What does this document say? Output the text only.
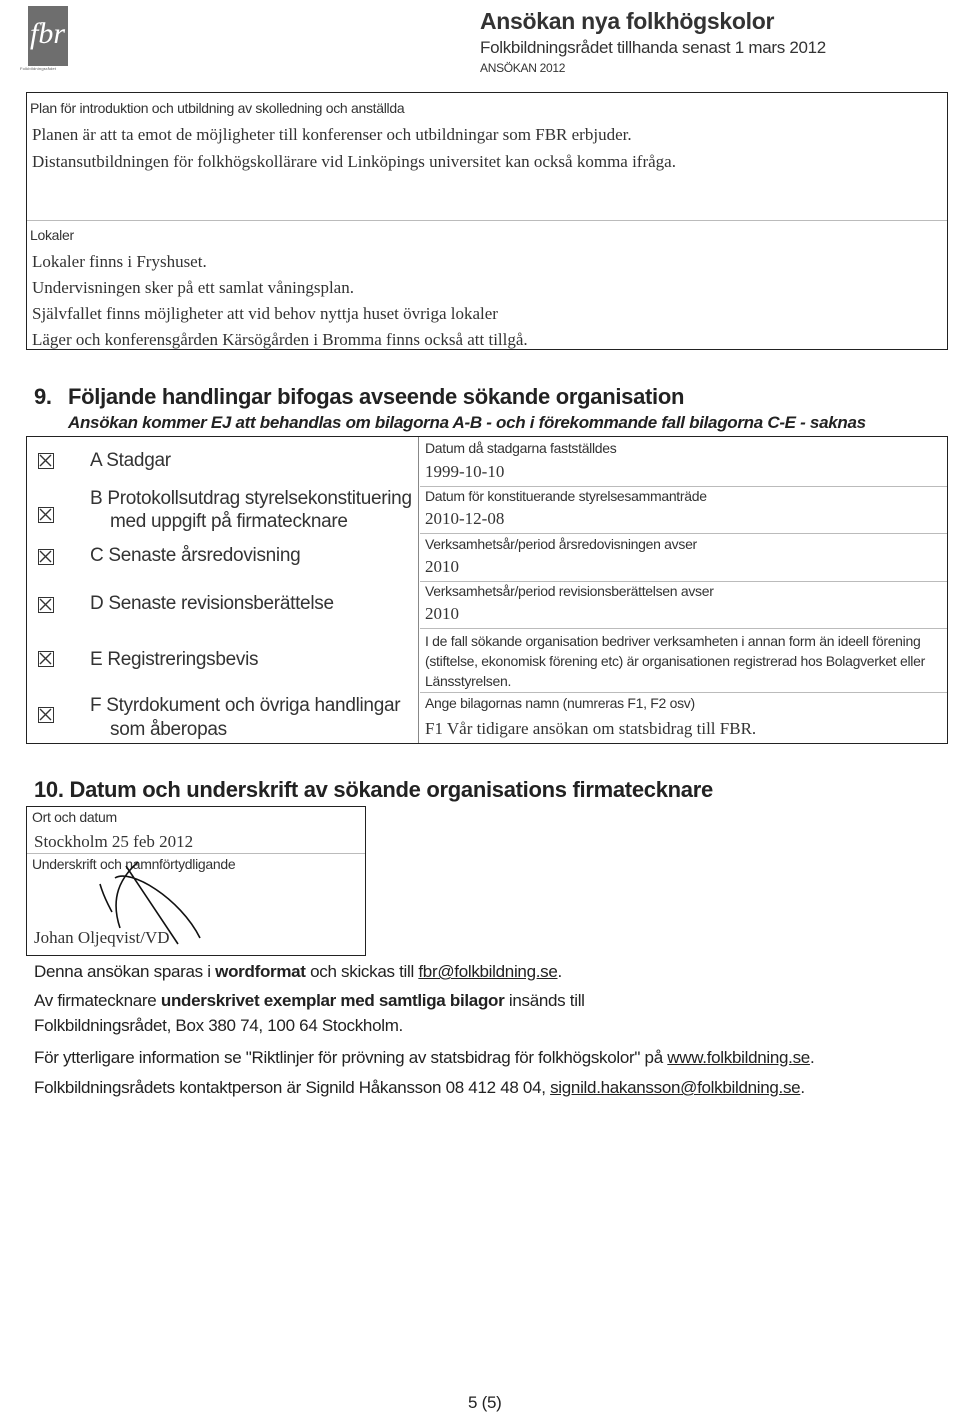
fbr
Folkbildningsrådet
Ansökan nya folkhögskolor
Folkbildningsrådet tillhanda senast 1 mars 2012
ANSÖKAN 2012
Plan för introduktion och utbildning av skolledning och anställda
Planen är att ta emot de möjligheter till konferenser och utbildningar som FBR erbjuder.
Distansutbildningen för folkhögskollärare vid Linköpings universitet kan också komma ifråga.
Lokaler
Lokaler finns i Fryshuset.
Undervisningen sker på ett samlat våningsplan.
Självfallet finns möjligheter att vid behov nyttja huset övriga lokaler
Läger och konferensgården Kärsögården i Bromma finns också att tillgå.
9. Följande handlingar bifogas avseende sökande organisation
Ansökan kommer EJ att behandlas om bilagorna A-B - och i förekommande fall bilagorna C-E - saknas
A Stadgar
Datum då stadgarna fastställdes
1999-10-10
B Protokollsutdrag styrelsekonstituering
med uppgift på firmatecknare
Datum för konstituerande styrelsesammanträde
2010-12-08
C Senaste årsredovisning
Verksamhetsår/period årsredovisningen avser
2010
D Senaste revisionsberättelse
Verksamhetsår/period revisionsberättelsen avser
2010
E Registreringsbevis
I de fall sökande organisation bedriver verksamheten i annan form än ideell förening (stiftelse, ekonomisk förening etc) är organisationen registrerad hos Bolagverket eller Länsstyrelsen.
F Styrdokument och övriga handlingar
som åberopas
Ange bilagornas namn (numreras F1, F2 osv)
F1 Vår tidigare ansökan om statsbidrag till FBR.
10. Datum och underskrift av sökande organisations firmatecknare
Ort och datum
Stockholm 25 feb 2012
Underskrift och namnförtydligande
Johan Oljeqvist/VD
Denna ansökan sparas i wordformat och skickas till fbr@folkbildning.se.
Av firmatecknare underskrivet exemplar med samtliga bilagor insänds till
Folkbildningsrådet, Box 380 74, 100 64 Stockholm.
För ytterligare information se "Riktlinjer för prövning av statsbidrag för folkhögskolor" på www.folkbildning.se.
Folkbildningsrådets kontaktperson är Signild Håkansson 08 412 48 04, signild.hakansson@folkbildning.se.
5 (5)
